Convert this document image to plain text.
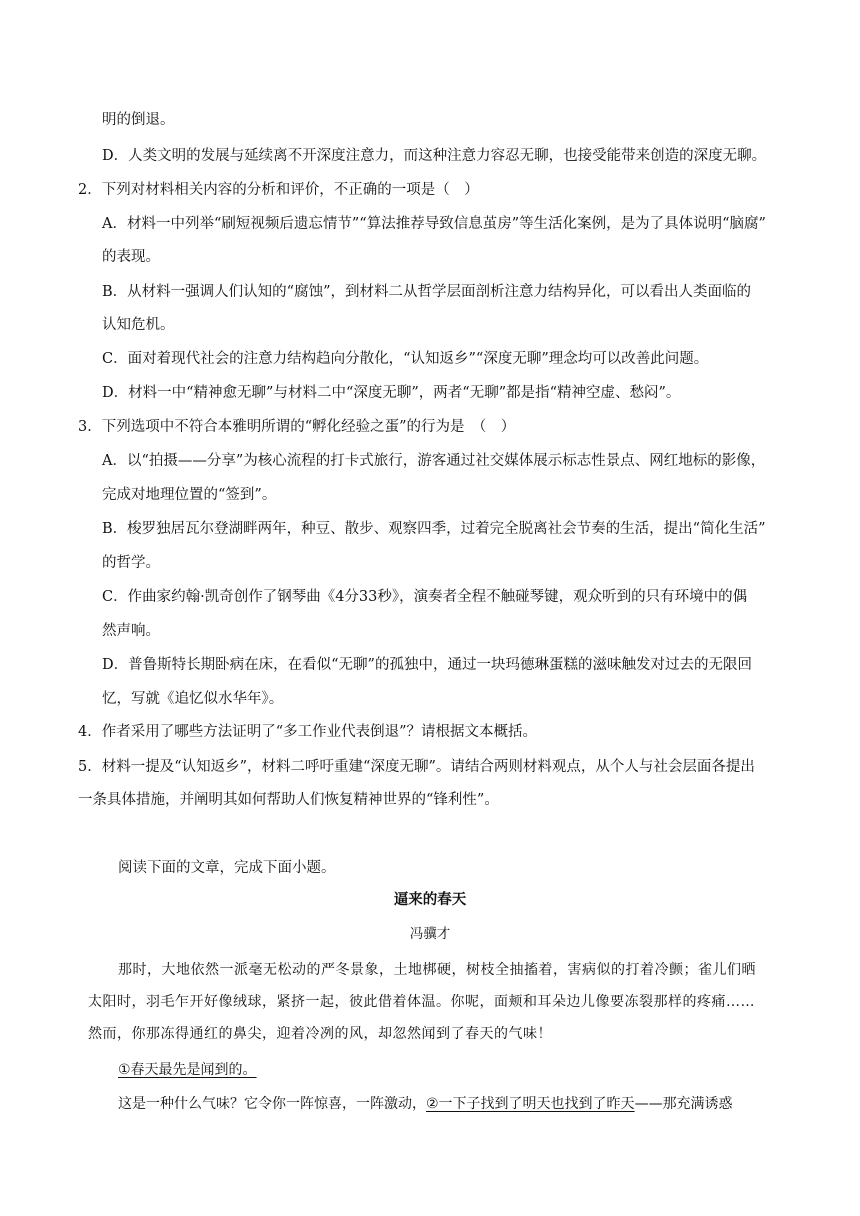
明的倒退。
D．人类文明的发展与延续离不开深度注意力，而这种注意力容忍无聊，也接受能带来创造的深度无聊。
2．下列对材料相关内容的分析和评价，不正确的一项是（　）
A．材料一中列举“刷短视频后遗忘情节”“算法推荐导致信息茧房”等生活化案例，是为了具体说明“脑腐”
的表现。
B．从材料一强调人们认知的“腐蚀”，到材料二从哲学层面剖析注意力结构异化，可以看出人类面临的
认知危机。
C．面对着现代社会的注意力结构趋向分散化，“认知返乡”“深度无聊”理念均可以改善此问题。
D．材料一中“精神愈无聊”与材料二中“深度无聊”，两者“无聊”都是指“精神空虚、愁闷”。
3．下列选项中不符合本雅明所谓的“孵化经验之蛋”的行为是　（　）
A．以“拍摄——分享”为核心流程的打卡式旅行，游客通过社交媒体展示标志性景点、网红地标的影像，
完成对地理位置的“签到”。
B．梭罗独居瓦尔登湖畔两年，种豆、散步、观察四季，过着完全脱离社会节奏的生活，提出“简化生活”
的哲学。
C．作曲家约翰·凯奇创作了钢琴曲《4分33秒》，演奏者全程不触碰琴键，观众听到的只有环境中的偶
然声响。
D．普鲁斯特长期卧病在床，在看似“无聊”的孤独中，通过一块玛德琳蛋糕的滋味触发对过去的无限回
忆，写就《追忆似水华年》。
4．作者采用了哪些方法证明了“多工作业代表倒退”？请根据文本概括。
5．材料一提及“认知返乡”，材料二呼吁重建“深度无聊”。请结合两则材料观点，从个人与社会层面各提出
一条具体措施，并阐明其如何帮助人们恢复精神世界的“锋利性”。
阅读下面的文章，完成下面小题。
逼来的春天
冯骥才
那时，大地依然一派毫无松动的严冬景象，土地梆硬，树枝全抽搐着，害病似的打着冷颤；雀儿们晒
太阳时，羽毛乍开好像绒球，紧挤一起，彼此借着体温。你呢，面颊和耳朵边儿像要冻裂那样的疼痛……
然而，你那冻得通红的鼻尖，迎着冷冽的风，却忽然闻到了春天的气味！
①春天最先是闻到的。
这是一种什么气味？它令你一阵惊喜，一阵激动，②一下子找到了明天也找到了昨天——那充满诱惑
